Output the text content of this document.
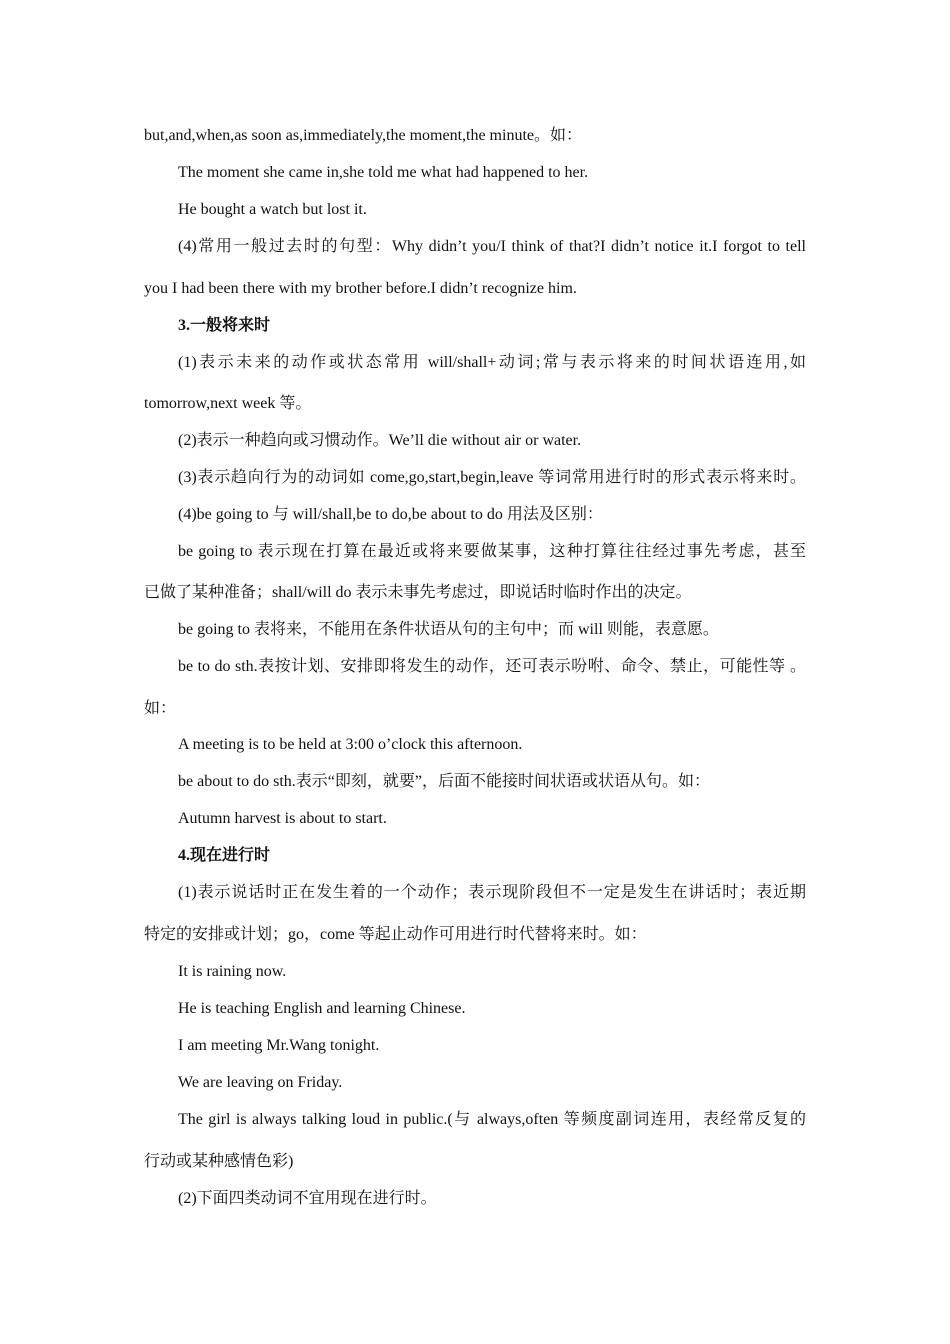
but,and,when,as soon as,immediately,the moment,the minute。如：
The moment she came in,she told me what had happened to her.
He bought a watch but lost it.
(4)常用一般过去时的句型：Why didn’t you/I think of that?I didn’t notice it.I forgot to tell
you I had been there with my brother before.I didn’t recognize him.
3.一般将来时
(1)表示未来的动作或状态常用 will/shall+动词;常与表示将来的时间状语连用,如
tomorrow,next week 等。
(2)表示一种趋向或习惯动作。We’ll die without air or water.
(3)表示趋向行为的动词如 come,go,start,begin,leave 等词常用进行时的形式表示将来时。
(4)be going to 与 will/shall,be to do,be about to do 用法及区别：
be going to 表示现在打算在最近或将来要做某事，这种打算往往经过事先考虑，甚至
已做了某种准备；shall/will do 表示未事先考虑过，即说话时临时作出的决定。
be going to 表将来，不能用在条件状语从句的主句中；而 will 则能，表意愿。
be to do sth.表按计划、安排即将发生的动作，还可表示吩咐、命令、禁止，可能性等 。
如：
A meeting is to be held at 3:00 o’clock this afternoon.
be about to do sth.表示“即刻，就要”，后面不能接时间状语或状语从句。如：
Autumn harvest is about to start.
4.现在进行时
(1)表示说话时正在发生着的一个动作；表示现阶段但不一定是发生在讲话时；表近期
特定的安排或计划；go，come 等起止动作可用进行时代替将来时。如：
It is raining now.
He is teaching English and learning Chinese.
I am meeting Mr.Wang tonight.
We are leaving on Friday.
The girl is always talking loud in public.(与 always,often 等频度副词连用，表经常反复的
行动或某种感情色彩)
(2)下面四类动词不宜用现在进行时。
